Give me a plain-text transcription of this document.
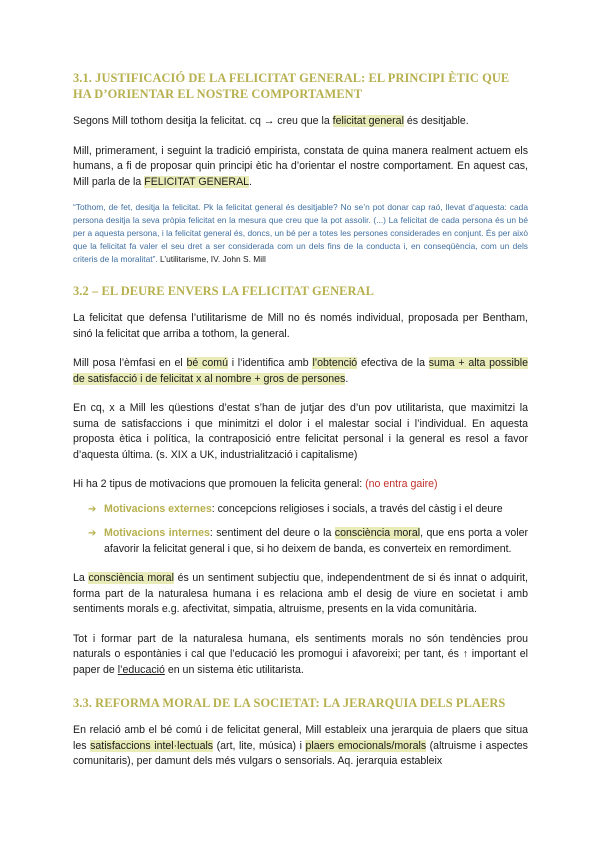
3.1. JUSTIFICACIÓ DE LA FELICITAT GENERAL: EL PRINCIPI ÈTIC QUE HA D’ORIENTAR EL NOSTRE COMPORTAMENT

Segons Mill tothom desitja la felicitat. cq → creu que la felicitat general és desitjable.

Mill, primerament, i seguint la tradició empirista, constata de quina manera realment actuem els humans, a fi de proposar quin principi ètic ha d’orientar el nostre comportament. En aquest cas, Mill parla de la FELICITAT GENERAL.

“Tothom, de fet, desitja la felicitat. Pk la felicitat general és desitjable? No se’n pot donar cap raó, llevat d’aquesta: cada persona desitja la seva pròpia felicitat en la mesura que creu que la pot assolir. (...) La felicitat de cada persona és un bé per a aquesta persona, i la felicitat general és, doncs, un bé per a totes les persones considerades en conjunt. És per això que la felicitat fa valer el seu dret a ser considerada com un dels fins de la conducta i, en conseqüència, com un dels criteris de la moralitat”. L’utilitarisme, IV. John S. Mill

3.2 – EL DEURE ENVERS LA FELICITAT GENERAL

La felicitat que defensa l’utilitarisme de Mill no és només individual, proposada per Bentham, sinó la felicitat que arriba a tothom, la general.

Mill posa l’èmfasi en el bé comú i l’identifica amb l’obtenció efectiva de la suma + alta possible de satisfacció i de felicitat x al nombre + gros de persones.

En cq, x a Mill les qüestions d’estat s’han de jutjar des d’un pov utilitarista, que maximitzi la suma de satisfaccions i que minimitzi el dolor i el malestar social i l’individual. En aquesta proposta ètica i política, la contraposició entre felicitat personal i la general es resol a favor d’aquesta última. (s. XIX a UK, industrialització i capitalisme)

Hi ha 2 tipus de motivacions que promouen la felicita general: (no entra gaire)

➔ Motivacions externes: concepcions religioses i socials, a través del càstig i el deure
➔ Motivacions internes: sentiment del deure o la consciència moral, que ens porta a voler afavorir la felicitat general i que, si ho deixem de banda, es converteix en remordiment.

La consciència moral és un sentiment subjectiu que, independentment de si és innat o adquirit, forma part de la naturalesa humana i es relaciona amb el desig de viure en societat i amb sentiments morals e.g. afectivitat, simpatia, altruisme, presents en la vida comunitària.

Tot i formar part de la naturalesa humana, els sentiments morals no són tendències prou naturals o espontànies i cal que l’educació les promogui i afavoreixi; per tant, és ↑ important el paper de l’educació en un sistema ètic utilitarista.

3.3. REFORMA MORAL DE LA SOCIETAT: LA JERARQUIA DELS PLAERS

En relació amb el bé comú i de felicitat general, Mill estableix una jerarquia de plaers que situa les satisfaccions intel·lectuals (art, lite, música) i plaers emocionals/morals (altruisme i aspectes comunitaris), per damunt dels més vulgars o sensorials. Aq. jerarquia estableix
